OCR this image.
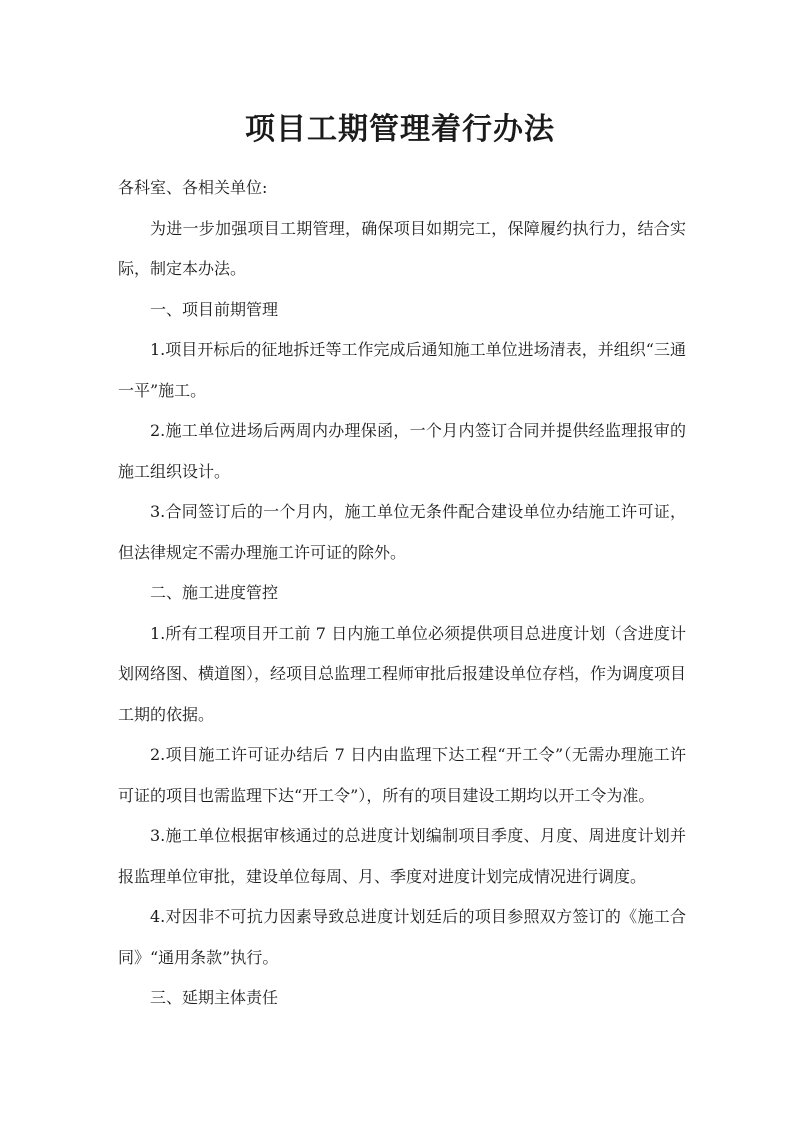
项目工期管理着行办法

各科室、各相关单位:

为进一步加强项目工期管理，确保项目如期完工，保障履约执行力，结合实际，制定本办法。

一、项目前期管理

1.项目开标后的征地拆迁等工作完成后通知施工单位进场清表，并组织“三通一平”施工。

2.施工单位进场后两周内办理保函，一个月内签订合同并提供经监理报审的施工组织设计。

3.合同签订后的一个月内，施工单位无条件配合建设单位办结施工许可证，但法律规定不需办理施工许可证的除外。

二、施工进度管控

1.所有工程项目开工前 7 日内施工单位必须提供项目总进度计划（含进度计划网络图、横道图），经项目总监理工程师审批后报建设单位存档，作为调度项目工期的依据。

2.项目施工许可证办结后 7 日内由监理下达工程“开工令”（无需办理施工许可证的项目也需监理下达“开工令”），所有的项目建设工期均以开工令为准。

3.施工单位根据审核通过的总进度计划编制项目季度、月度、周进度计划并报监理单位审批，建设单位每周、月、季度对进度计划完成情况进行调度。

4.对因非不可抗力因素导致总进度计划廷后的项目参照双方签订的《施工合同》“通用条款”执行。

三、延期主体责任
